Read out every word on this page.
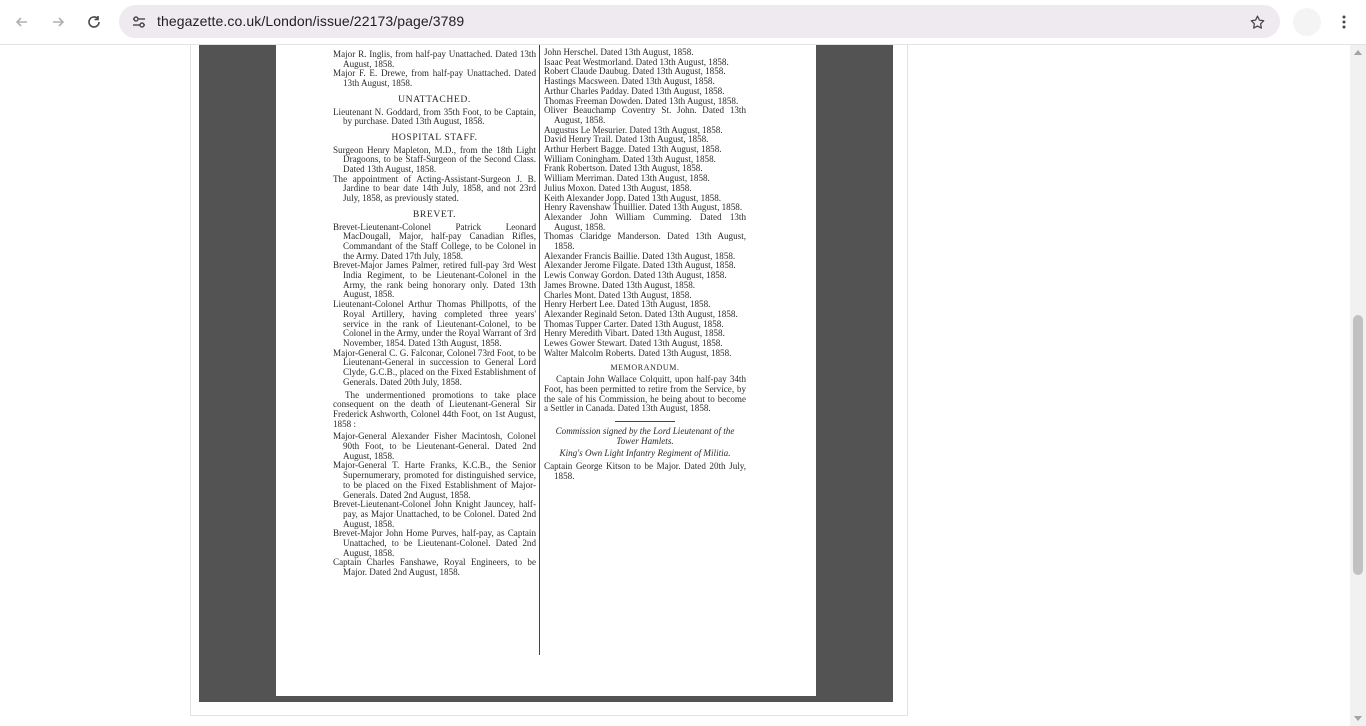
thegazette.co.uk/London/issue/22173/page/3789

Major R. Inglis, from half-pay Unattached. Dated 13th August, 1858.

Major F. E. Drewe, from half-pay Unattached. Dated 13th August, 1858.

UNATTACHED.

Lieutenant N. Goddard, from 35th Foot, to be Captain, by purchase. Dated 13th August, 1858.

HOSPITAL STAFF.

Surgeon Henry Mapleton, M.D., from the 18th Light Dragoons, to be Staff-Surgeon of the Second Class. Dated 13th August, 1858.

The appointment of Acting-Assistant-Surgeon J. B. Jardine to bear date 14th July, 1858, and not 23rd July, 1858, as previously stated.

BREVET.

Brevet-Lieutenant-Colonel Patrick Leonard MacDougall, Major, half-pay Canadian Rifles, Commandant of the Staff College, to be Colonel in the Army. Dated 17th July, 1858.

Brevet-Major James Palmer, retired full-pay 3rd West India Regiment, to be Lieutenant-Colonel in the Army, the rank being honorary only. Dated 13th August, 1858.

Lieutenant-Colonel Arthur Thomas Phillpotts, of the Royal Artillery, having completed three years' service in the rank of Lieutenant-Colonel, to be Colonel in the Army, under the Royal Warrant of 3rd November, 1854. Dated 13th August, 1858.

Major-General C. G. Falconar, Colonel 73rd Foot, to be Lieutenant-General in succession to General Lord Clyde, G.C.B., placed on the Fixed Establishment of Generals. Dated 20th July, 1858.

The undermentioned promotions to take place consequent on the death of Lieutenant-General Sir Frederick Ashworth, Colonel 44th Foot, on 1st August, 1858 :

Major-General Alexander Fisher Macintosh, Colonel 90th Foot, to be Lieutenant-General. Dated 2nd August, 1858.

Major-General T. Harte Franks, K.C.B., the Senior Supernumerary, promoted for distinguished service, to be placed on the Fixed Establishment of Major-Generals. Dated 2nd August, 1858.

Brevet-Lieutenant-Colonel John Knight Jauncey, half-pay, as Major Unattached, to be Colonel. Dated 2nd August, 1858.

Brevet-Major John Home Purves, half-pay, as Captain Unattached, to be Lieutenant-Colonel. Dated 2nd August, 1858.

Captain Charles Fanshawe, Royal Engineers, to be Major. Dated 2nd August, 1858.

John Herschel. Dated 13th August, 1858.

Isaac Peat Westmorland. Dated 13th August, 1858.

Robert Claude Daubug. Dated 13th August, 1858.

Hastings Macsween. Dated 13th August, 1858.

Arthur Charles Padday. Dated 13th August, 1858.

Thomas Freeman Dowden. Dated 13th August, 1858.

Oliver Beauchamp Coventry St. John. Dated 13th August, 1858.

Augustus Le Mesurier. Dated 13th August, 1858.

David Henry Trail. Dated 13th August, 1858.

Arthur Herbert Bagge. Dated 13th August, 1858.

William Coningham. Dated 13th August, 1858.

Frank Robertson. Dated 13th August, 1858.

William Merriman. Dated 13th August, 1858.

Julius Moxon. Dated 13th August, 1858.

Keith Alexander Jopp. Dated 13th August, 1858.

Henry Ravenshaw Thuillier. Dated 13th August, 1858.

Alexander John William Cumming. Dated 13th August, 1858.

Thomas Claridge Manderson. Dated 13th August, 1858.

Alexander Francis Baillie. Dated 13th August, 1858.

Alexander Jerome Filgate. Dated 13th August, 1858.

Lewis Conway Gordon. Dated 13th August, 1858.

James Browne. Dated 13th August, 1858.

Charles Mont. Dated 13th August, 1858.

Henry Herbert Lee. Dated 13th August, 1858.

Alexander Reginald Seton. Dated 13th August, 1858.

Thomas Tupper Carter. Dated 13th August, 1858.

Henry Meredith Vibart. Dated 13th August, 1858.

Lewes Gower Stewart. Dated 13th August, 1858.

Walter Malcolm Roberts. Dated 13th August, 1858.

MEMORANDUM.

Captain John Wallace Colquitt, upon half-pay 34th Foot, has been permitted to retire from the Service, by the sale of his Commission, he being about to become a Settler in Canada. Dated 13th August, 1858.

Commission signed by the Lord Lieutenant of the Tower Hamlets.

King's Own Light Infantry Regiment of Militia.

Captain George Kitson to be Major. Dated 20th July, 1858.
